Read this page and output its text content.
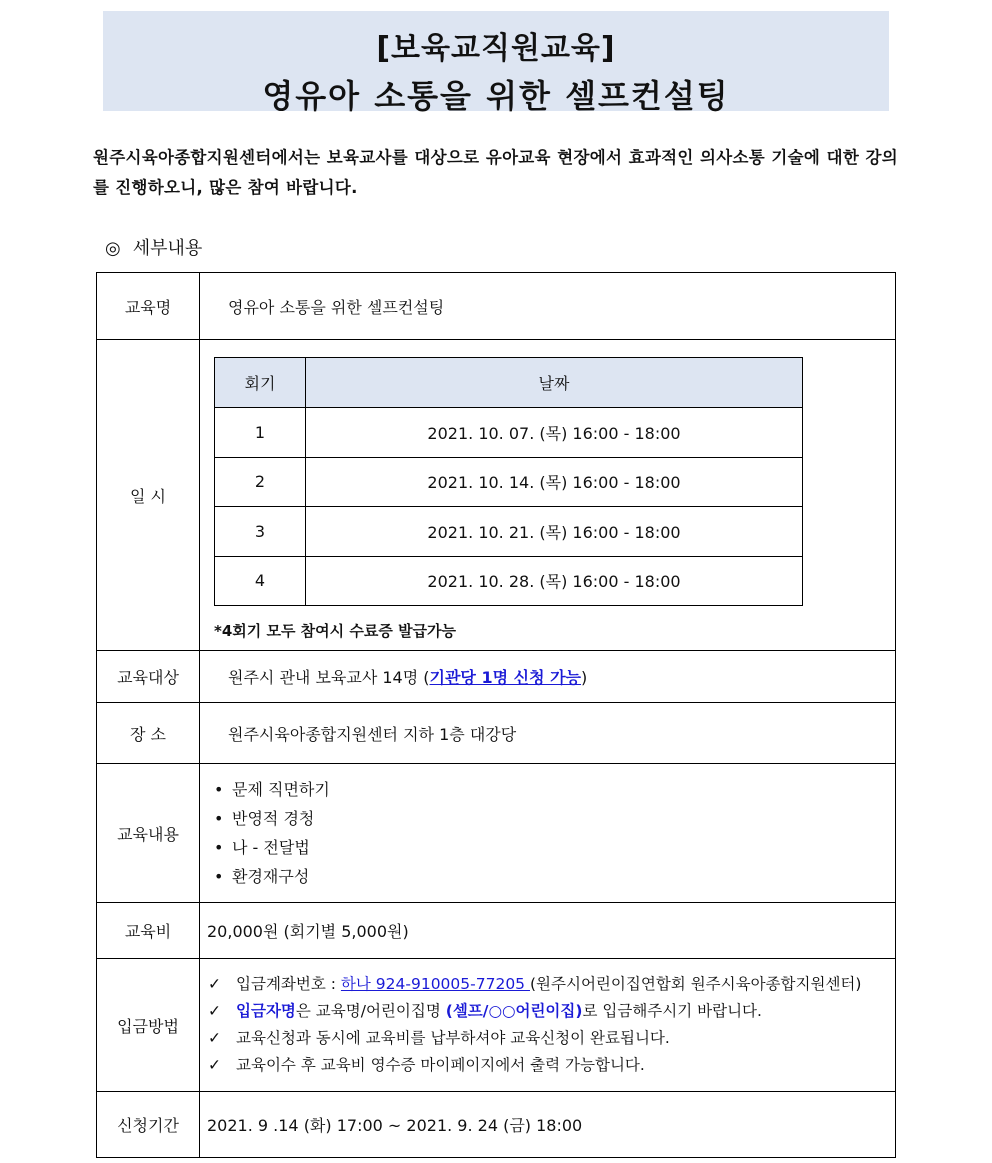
[보육교직원교육]
영유아 소통을 위한 셀프컨설팅

원주시육아종합지원센터에서는 보육교사를 대상으로 유아교육 현장에서 효과적인 의사소통 기술에 대한 강의를 진행하오니, 많은 참여 바랍니다.

◎ 세부내용
교육명	영유아 소통을 위한 셀프컨설팅
일 시	
회기	날짜
1	2021. 10. 07. (목) 16:00 - 18:00
2	2021. 10. 14. (목) 16:00 - 18:00
3	2021. 10. 21. (목) 16:00 - 18:00
4	2021. 10. 28. (목) 16:00 - 18:00
*4회기 모두 참여시 수료증 발급가능

교육대상	원주시 관내 보육교사 14명 (기관당 1명 신청 가능)
장 소	원주시육아종합지원센터 지하 1층 대강당
교육내용	
• 문제 직면하기
• 반영적 경청
• 나 - 전달법
• 환경재구성

교육비	20,000원 (회기별 5,000원)
입금방법	
✓ 입금계좌번호 : 하나 924-910005-77205 (원주시어린이집연합회 원주시육아종합지원센터)
✓ 입금자명은 교육명/어린이집명 (셀프/○○어린이집)로 입금해주시기 바랍니다.
✓ 교육신청과 동시에 교육비를 납부하셔야 교육신청이 완료됩니다.
✓ 교육이수 후 교육비 영수증 마이페이지에서 출력 가능합니다.

신청기간	2021. 9 .14 (화) 17:00 ~ 2021. 9. 24 (금) 18:00
